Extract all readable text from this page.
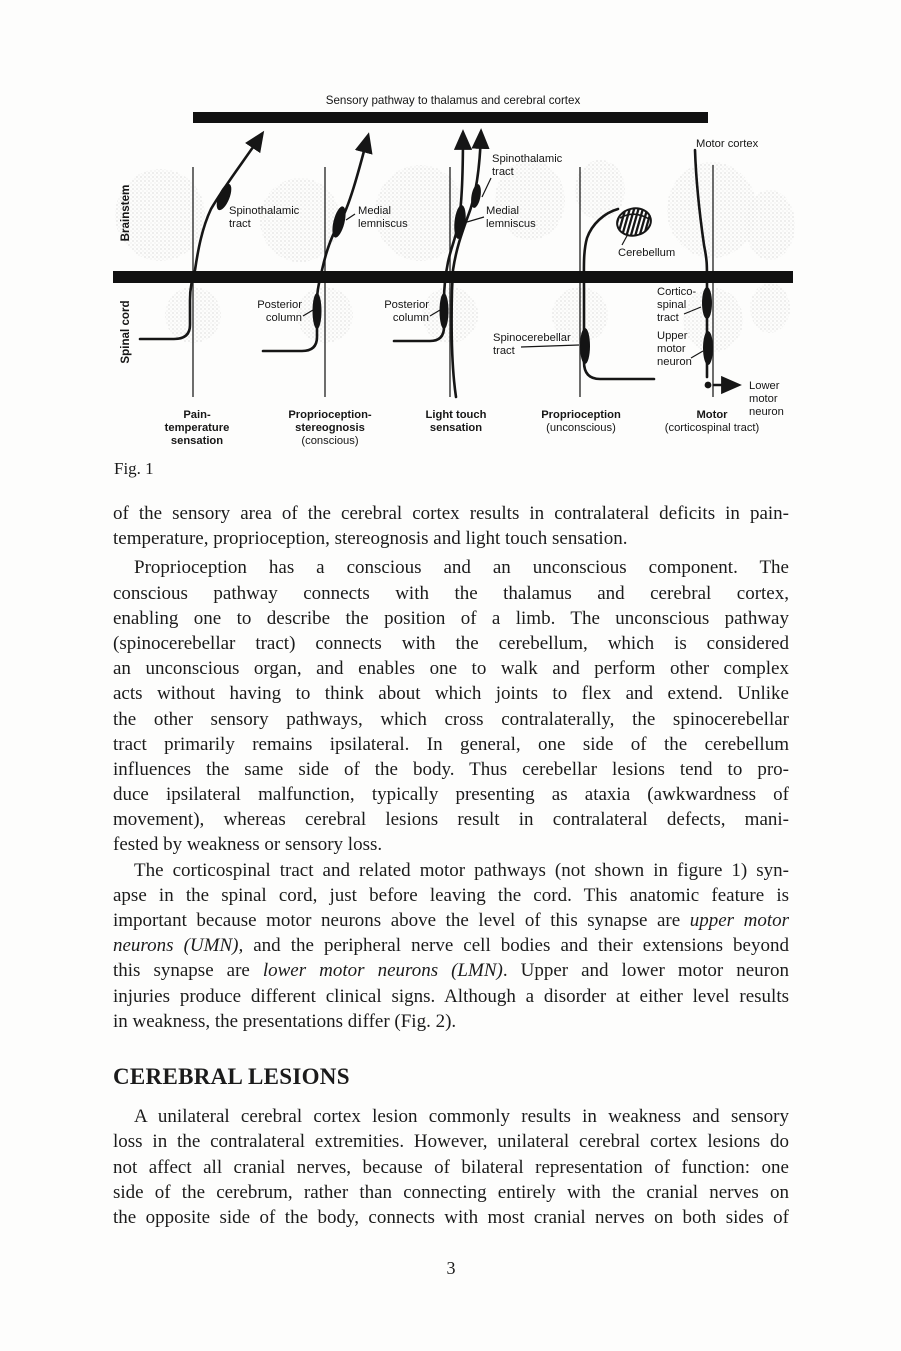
Sensory pathway to thalamus and cerebral cortex
Brainstem
Spinal cord
Spinothalamic
tract
Medial
lemniscus
Spinothalamic
tract
Medial
lemniscus
Motor cortex
Cerebellum
Posterior
column
Posterior
column
Spinocerebellar
tract
Cortico-
spinal
tract
Upper
motor
neuron
Lower
motor
neuron
Pain-
temperature
sensation
Proprioception-
stereognosis
(conscious)
Light touch
sensation
Proprioception
(unconscious)
Motor
(corticospinal tract)
Fig. 1
of the sensory area of the cerebral cortex results in contralateral deficits in pain-
temperature, proprioception, stereognosis and light touch sensation.
Proprioception has a conscious and an unconscious component. The
conscious pathway connects with the thalamus and cerebral cortex,
enabling one to describe the position of a limb. The unconscious pathway
(spinocerebellar tract) connects with the cerebellum, which is considered
an unconscious organ, and enables one to walk and perform other complex
acts without having to think about which joints to flex and extend. Unlike
the other sensory pathways, which cross contralaterally, the spinocerebellar
tract primarily remains ipsilateral. In general, one side of the cerebellum
influences the same side of the body. Thus cerebellar lesions tend to pro-
duce ipsilateral malfunction, typically presenting as ataxia (awkwardness of
movement), whereas cerebral lesions result in contralateral defects, mani-
fested by weakness or sensory loss.
The corticospinal tract and related motor pathways (not shown in figure 1) syn-
apse in the spinal cord, just before leaving the cord. This anatomic feature is
important because motor neurons above the level of this synapse are upper motor
neurons (UMN), and the peripheral nerve cell bodies and their extensions beyond
this synapse are lower motor neurons (LMN). Upper and lower motor neuron
injuries produce different clinical signs. Although a disorder at either level results
in weakness, the presentations differ (Fig. 2).
CEREBRAL LESIONS
A unilateral cerebral cortex lesion commonly results in weakness and sensory
loss in the contralateral extremities. However, unilateral cerebral cortex lesions do
not affect all cranial nerves, because of bilateral representation of function: one
side of the cerebrum, rather than connecting entirely with the cranial nerves on
the opposite side of the body, connects with most cranial nerves on both sides of
3
